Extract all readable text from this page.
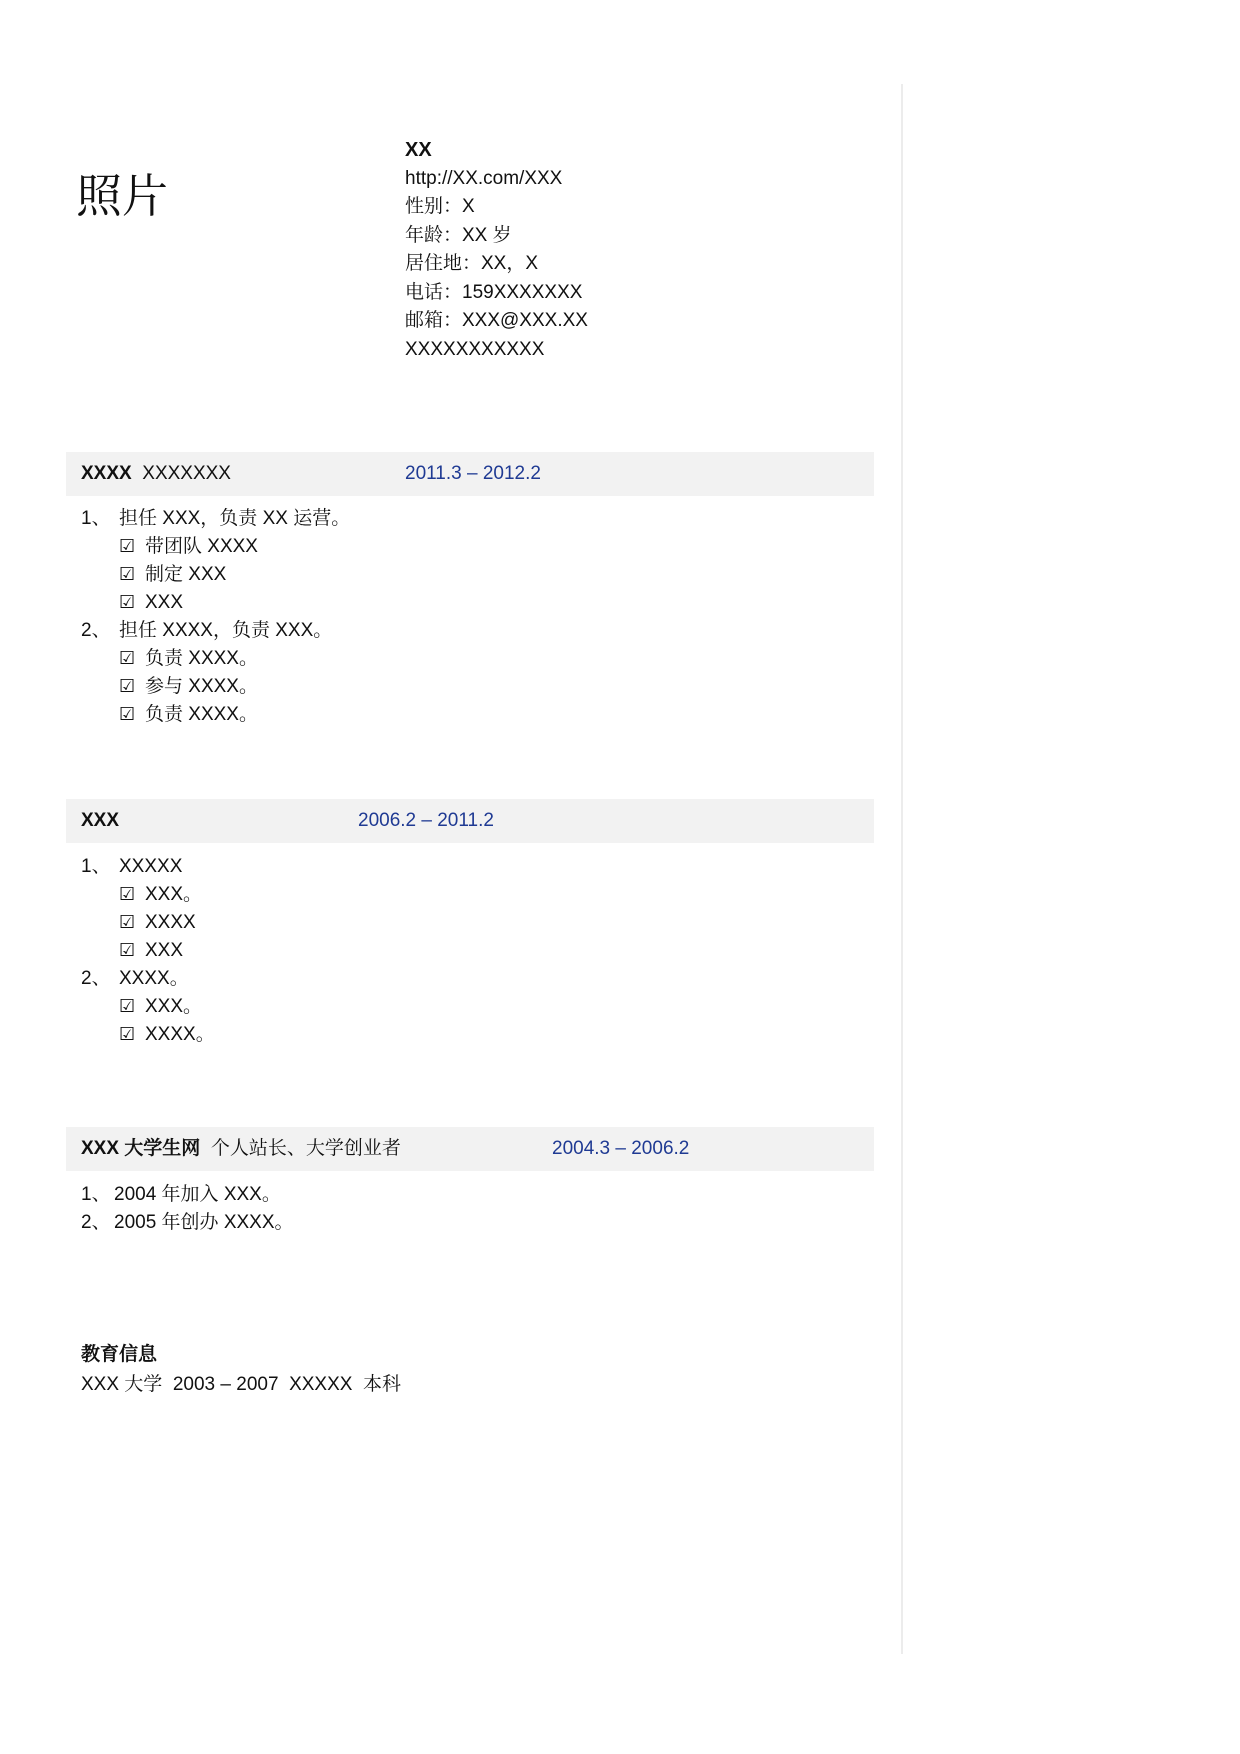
照片
XX
http://XX.com/XXX
性别：X
年龄：XX 岁
居住地：XX，X
电话：159XXXXXXX
邮箱：XXX@XXX.XX
XXXXXXXXXXX
XXXX XXXXXXX	2011.3 – 2012.2
1、 担任 XXX，负责 XX 运营。
☑ 带团队 XXXX
☑ 制定 XXX
☑ XXX
2、 担任 XXXX，负责 XXX。
☑ 负责 XXXX。
☑ 参与 XXXX。
☑ 负责 XXXX。
XXX	2006.2 – 2011.2
1、 XXXXX
☑ XXX。
☑ XXXX
☑ XXX
2、 XXXX。
☑ XXX。
☑ XXXX。
XXX 大学生网 个人站长、大学创业者	2004.3 – 2006.2
1、 2004 年加入 XXX。
2、 2005 年创办 XXXX。
教育信息
XXX 大学  2003 – 2007  XXXXX  本科
